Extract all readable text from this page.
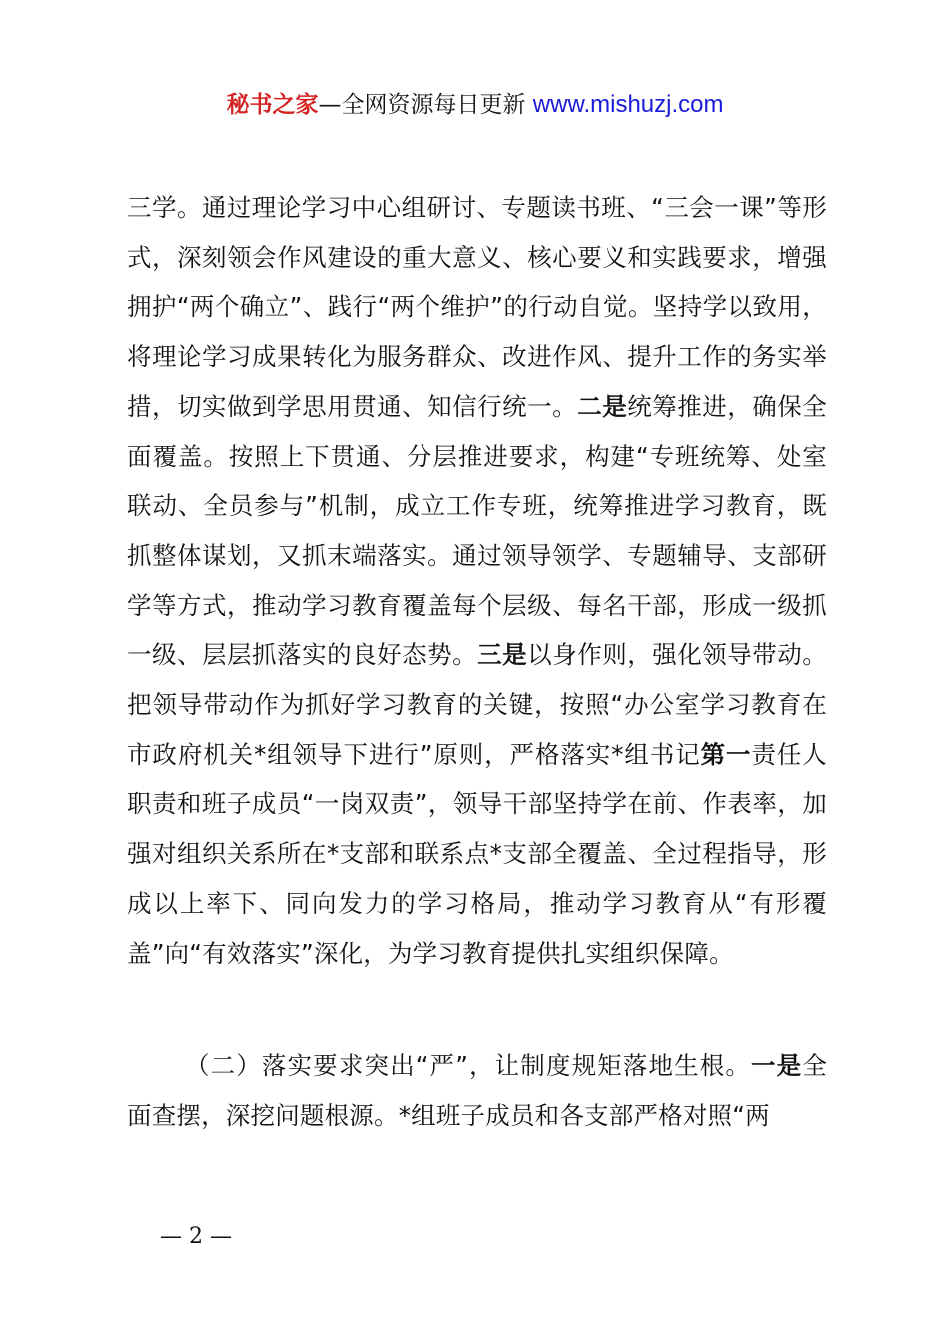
秘书之家—全网资源每日更新 www.mishuzj.com
三学。通过理论学习中心组研讨、专题读书班、“三会一课”等形式，深刻领会作风建设的重大意义、核心要义和实践要求，增强拥护“两个确立”、践行“两个维护”的行动自觉。坚持学以致用，将理论学习成果转化为服务群众、改进作风、提升工作的务实举措，切实做到学思用贯通、知信行统一。二是统筹推进，确保全面覆盖。按照上下贯通、分层推进要求，构建“专班统筹、处室联动、全员参与”机制，成立工作专班，统筹推进学习教育，既抓整体谋划，又抓末端落实。通过领导领学、专题辅导、支部研学等方式，推动学习教育覆盖每个层级、每名干部，形成一级抓一级、层层抓落实的良好态势。三是以身作则，强化领导带动。把领导带动作为抓好学习教育的关键，按照“办公室学习教育在市政府机关*组领导下进行”原则，严格落实*组书记第一责任人职责和班子成员“一岗双责”，领导干部坚持学在前、作表率，加强对组织关系所在*支部和联系点*支部全覆盖、全过程指导，形成以上率下、同向发力的学习格局，推动学习教育从“有形覆盖”向“有效落实”深化，为学习教育提供扎实组织保障。
（二）落实要求突出“严”，让制度规矩落地生根。一是全面查摆，深挖问题根源。*组班子成员和各支部严格对照“两
— 2 —
